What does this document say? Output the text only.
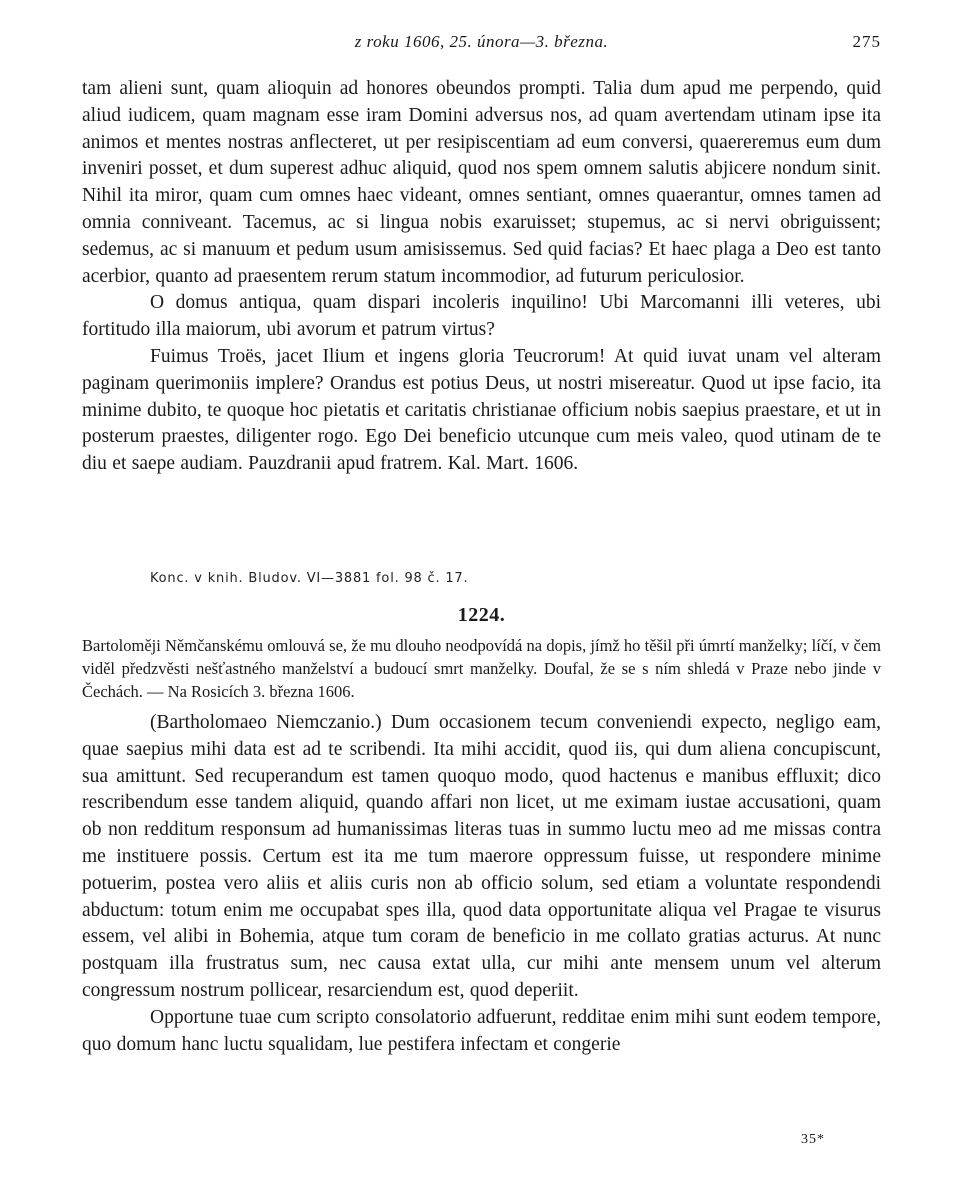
z roku 1606, 25. února—3. března.	275

tam alieni sunt, quam alioquin ad honores obeundos prompti. Talia dum apud me perpendo, quid aliud iudicem, quam magnam esse iram Domini adversus nos, ad quam avertendam utinam ipse ita animos et mentes nostras anflecteret, ut per resipiscentiam ad eum conversi, quaereremus eum dum inveniri posset, et dum superest adhuc aliquid, quod nos spem omnem salutis abjicere nondum sinit. Nihil ita miror, quam cum omnes haec videant, omnes sentiant, omnes quaerantur, omnes tamen ad omnia conniveant. Tacemus, ac si lingua nobis exaruisset; stupemus, ac si nervi obriguissent; sedemus, ac si manuum et pedum usum amisissemus. Sed quid facias? Et haec plaga a Deo est tanto acerbior, quanto ad praesentem rerum statum incommodior, ad futurum periculosior.

O domus antiqua, quam dispari incoleris inquilino! Ubi Marcomanni illi veteres, ubi fortitudo illa maiorum, ubi avorum et patrum virtus?

Fuimus Troës, jacet Ilium et ingens gloria Teucrorum! At quid iuvat unam vel alteram paginam querimoniis implere? Orandus est potius Deus, ut nostri misereatur. Quod ut ipse facio, ita minime dubito, te quoque hoc pietatis et caritatis christianae officium nobis saepius praestare, et ut in posterum praestes, diligenter rogo. Ego Dei beneficio utcunque cum meis valeo, quod utinam de te diu et saepe audiam. Pauzdranii apud fratrem. Kal. Mart. 1606.

Konc. v knih. Bludov. VI—3881 fol. 98 č. 17.
1224.

Bartoloměji Němčanskému omlouvá se, že mu dlouho neodpovídá na dopis, jímž ho těšil při úmrtí manželky; líčí, v čem viděl předzvěsti nešťastného manželství a budoucí smrt manželky. Doufal, že se s ním shledá v Praze nebo jinde v Čechách. — Na Rosicích 3. března 1606.

(Bartholomaeo Niemczanio.) Dum occasionem tecum conveniendi expecto, negligo eam, quae saepius mihi data est ad te scribendi. Ita mihi accidit, quod iis, qui dum aliena concupiscunt, sua amittunt. Sed recuperandum est tamen quoquo modo, quod hactenus e manibus effluxit; dico rescribendum esse tandem aliquid, quando affari non licet, ut me eximam iustae accusationi, quam ob non redditum responsum ad humanissimas literas tuas in summo luctu meo ad me missas contra me instituere possis. Certum est ita me tum maerore oppressum fuisse, ut respondere minime potuerim, postea vero aliis et aliis curis non ab officio solum, sed etiam a voluntate respondendi abductum: totum enim me occupabat spes illa, quod data opportunitate aliqua vel Pragae te visurus essem, vel alibi in Bohemia, atque tum coram de beneficio in me collato gratias acturus. At nunc postquam illa frustratus sum, nec causa extat ulla, cur mihi ante mensem unum vel alterum congressum nostrum pollicear, resarciendum est, quod deperiit.

Opportune tuae cum scripto consolatorio adfuerunt, redditae enim mihi sunt eodem tempore, quo domum hanc luctu squalidam, lue pestifera infectam et congerie

35*
